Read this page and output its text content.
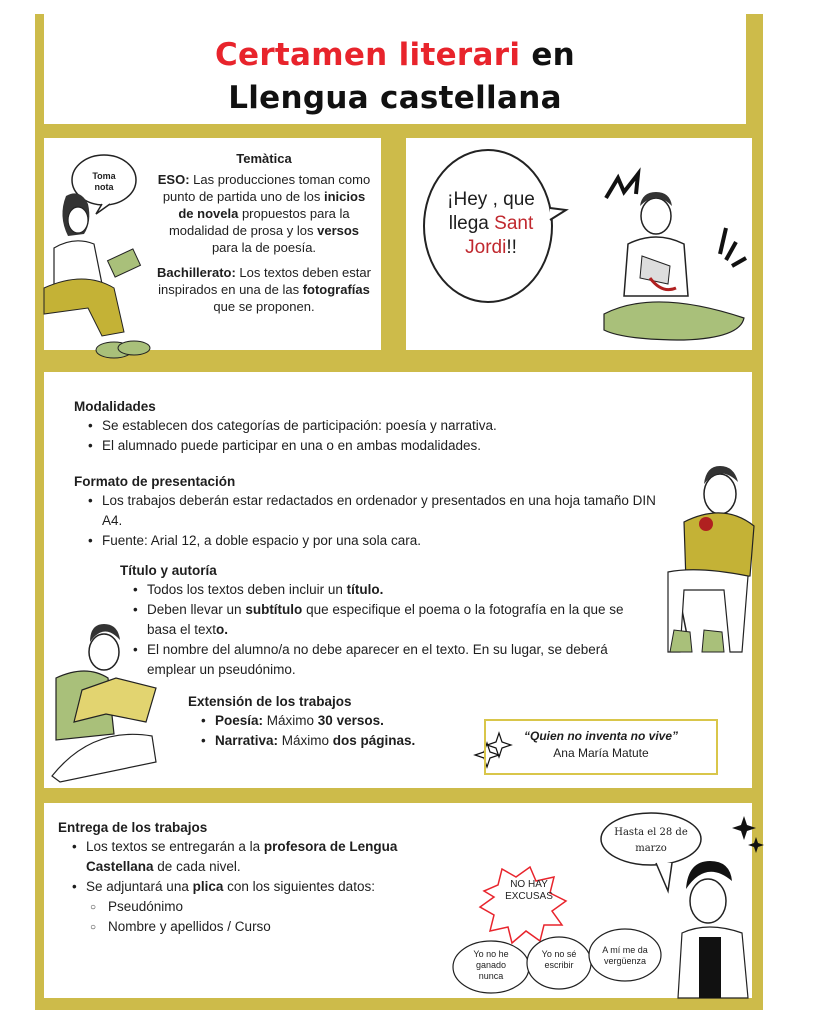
Certamen literari en
Llengua castellana
Toma
nota
Temàtica
ESO: Las producciones toman como punto de partida uno de los inicios de novela propuestos para la modalidad de prosa y los versos para la de poesía.
Bachillerato: Los textos deben estar inspirados en una de las fotografías que se proponen.
¡Hey , que llega Sant Jordi!!
Modalidades
• Se establecen dos categorías de participación: poesía y narrativa.
• El alumnado puede participar en una o en ambas modalidades.
Formato de presentación
• Los trabajos deberán estar redactados en ordenador y presentados en una hoja tamaño DIN A4.
• Fuente: Arial 12, a doble espacio y por una sola cara.
Título y autoría
• Todos los textos deben incluir un título.
• Deben llevar un subtítulo que especifique el poema o la fotografía en la que se basa el texto.
• El nombre del alumno/a no debe aparecer en el texto. En su lugar, se deberá emplear un pseudónimo.
Extensión de los trabajos
• Poesía: Máximo 30 versos.
• Narrativa: Máximo dos páginas.	“Quien no inventa no vive”
Ana María Matute
Hasta el 28 de
marzo
NO HAY
EXCUSAS
Yo no he
ganado
nunca
Yo no sé
escribir
A mí me da
vergüenza
Entrega de los trabajos
• Los textos se entregarán a la profesora de Lengua Castellana de cada nivel.
• Se adjuntará una plica con los siguientes datos:
○ Pseudónimo
○ Nombre y apellidos / Curso
